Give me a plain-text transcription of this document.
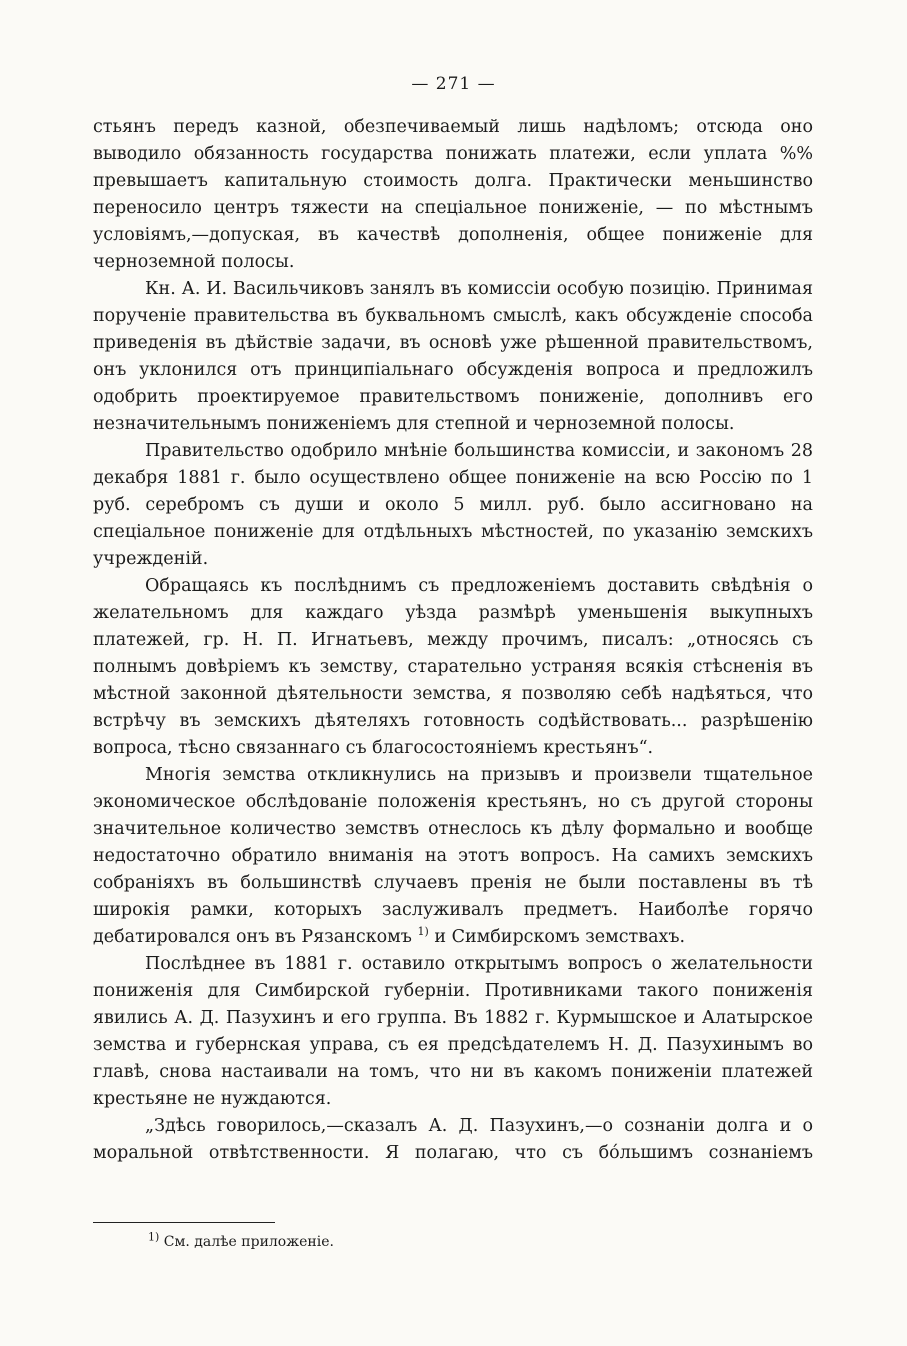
— 271 —

стьянъ передъ казной, обезпечиваемый лишь надѣломъ; отсюда оно выводило обязанность государства понижать платежи, если уплата %% превышаетъ капитальную стоимость долга. Практически меньшинство переносило центръ тяжести на спеціальное пониженіе, — по мѣстнымъ условіямъ,—допуская, въ качествѣ дополненія, общее пониженіе для черноземной полосы.

Кн. А. И. Васильчиковъ занялъ въ комиссіи особую позицію. Принимая порученіе правительства въ буквальномъ смыслѣ, какъ обсужденіе способа приведенія въ дѣйствіе задачи, въ основѣ уже рѣшенной правительствомъ, онъ уклонился отъ принципіальнаго обсужденія вопроса и предложилъ одобрить проектируемое правительствомъ пониженіе, дополнивъ его незначительнымъ пониженіемъ для степной и черноземной полосы.

Правительство одобрило мнѣніе большинства комиссіи, и закономъ 28 декабря 1881 г. было осуществлено общее пониженіе на всю Россію по 1 руб. серебромъ съ души и около 5 милл. руб. было ассигновано на спеціальное пониженіе для отдѣльныхъ мѣстностей, по указанію земскихъ учрежденій.

Обращаясь къ послѣднимъ съ предложеніемъ доставить свѣдѣнія о желательномъ для каждаго уѣзда размѣрѣ уменьшенія выкупныхъ платежей, гр. Н. П. Игнатьевъ, между прочимъ, писалъ: „относясь съ полнымъ довѣріемъ къ земству, старательно устраняя всякія стѣсненія въ мѣстной законной дѣятельности земства, я позволяю себѣ надѣяться, что встрѣчу въ земскихъ дѣятеляхъ готовность содѣйствовать... разрѣшенію вопроса, тѣсно связаннаго съ благосостояніемъ крестьянъ“.

Многія земства откликнулись на призывъ и произвели тщательное экономическое обслѣдованіе положенія крестьянъ, но съ другой стороны значительное количество земствъ отнеслось къ дѣлу формально и вообще недостаточно обратило вниманія на этотъ вопросъ. На самихъ земскихъ собраніяхъ въ большинствѣ случаевъ пренія не были поставлены въ тѣ широкія рамки, которыхъ заслуживалъ предметъ. Наиболѣе горячо дебатировался онъ въ Рязанскомъ $^{1)}$ и Симбирскомъ земствахъ.

Послѣднее въ 1881 г. оставило открытымъ вопросъ о желательности пониженія для Симбирской губерніи. Противниками такого пониженія явились А. Д. Пазухинъ и его группа. Въ 1882 г. Курмышское и Алатырское земства и губернская управа, съ ея предсѣдателемъ Н. Д. Пазухинымъ во главѣ, снова настаивали на томъ, что ни въ какомъ пониженіи платежей крестьяне не нуждаются.

„Здѣсь говорилось,—сказалъ А. Д. Пазухинъ,—о сознаніи долга и о моральной отвѣтственности. Я полагаю, что съ бо́льшимъ сознаніемъ

$^{1)}$ См. далѣе приложеніе.
